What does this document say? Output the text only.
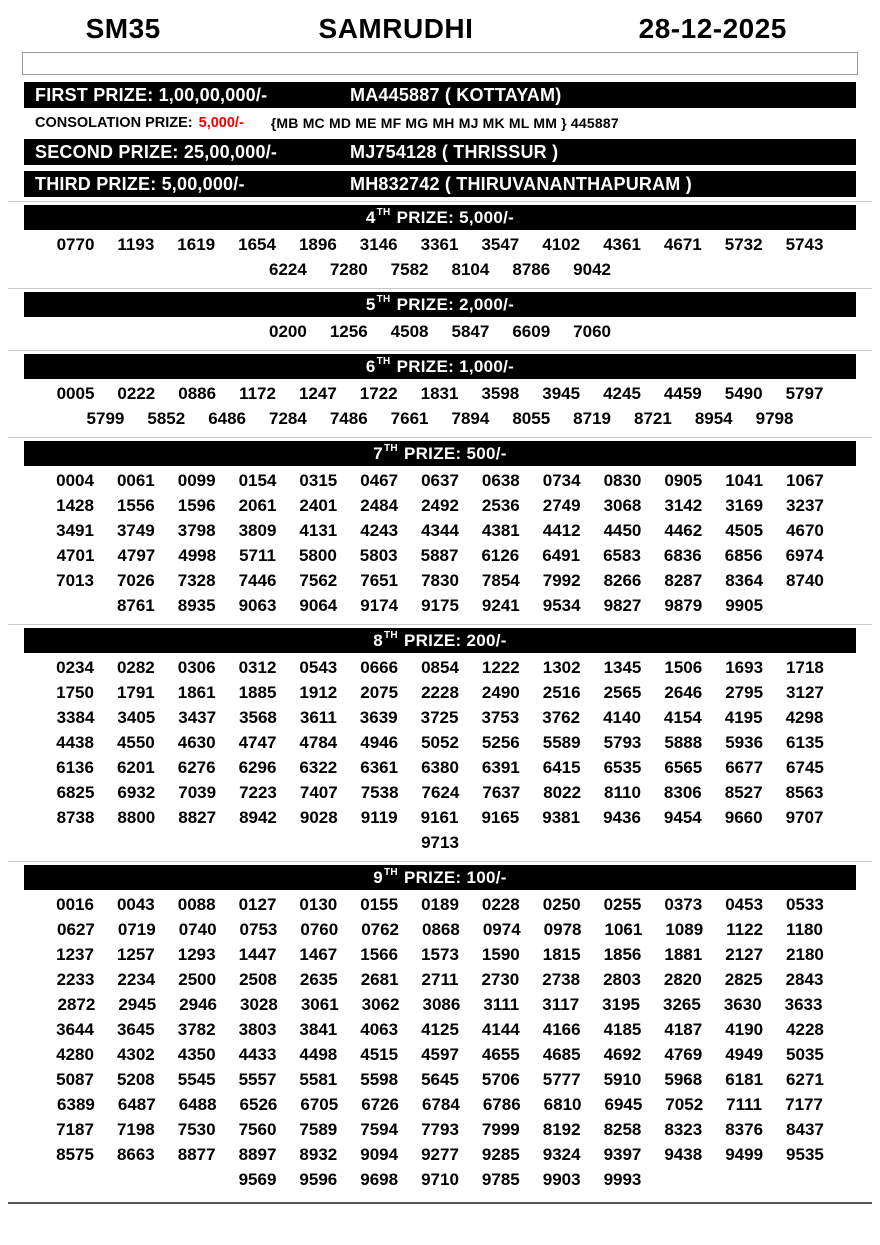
SM35	SAMRUDHI	28-12-2025
FIRST PRIZE: 1,00,00,000/-	MA445887 ( KOTTAYAM)
CONSOLATION PRIZE: 5,000/- {MB MC MD ME MF MG MH MJ MK ML MM } 445887
SECOND PRIZE: 25,00,000/-	MJ754128 ( THRISSUR )
THIRD PRIZE: 5,00,000/-	MH832742 ( THIRUVANANTHAPURAM )
4 TH PRIZE: 5,000/-
0770 1193 1619 1654 1896 3146 3361 3547 4102 4361 4671 5732 5743
6224 7280 7582 8104 8786 9042
5 TH PRIZE: 2,000/-
0200 1256 4508 5847 6609 7060
6 TH PRIZE: 1,000/-
0005 0222 0886 1172 1247 1722 1831 3598 3945 4245 4459 5490 5797
5799 5852 6486 7284 7486 7661 7894 8055 8719 8721 8954 9798
7 TH PRIZE: 500/-
0004 0061 0099 0154 0315 0467 0637 0638 0734 0830 0905 1041 1067
1428 1556 1596 2061 2401 2484 2492 2536 2749 3068 3142 3169 3237
3491 3749 3798 3809 4131 4243 4344 4381 4412 4450 4462 4505 4670
4701 4797 4998 5711 5800 5803 5887 6126 6491 6583 6836 6856 6974
7013 7026 7328 7446 7562 7651 7830 7854 7992 8266 8287 8364 8740
8761 8935 9063 9064 9174 9175 9241 9534 9827 9879 9905
8 TH PRIZE: 200/-
0234 0282 0306 0312 0543 0666 0854 1222 1302 1345 1506 1693 1718
1750 1791 1861 1885 1912 2075 2228 2490 2516 2565 2646 2795 3127
3384 3405 3437 3568 3611 3639 3725 3753 3762 4140 4154 4195 4298
4438 4550 4630 4747 4784 4946 5052 5256 5589 5793 5888 5936 6135
6136 6201 6276 6296 6322 6361 6380 6391 6415 6535 6565 6677 6745
6825 6932 7039 7223 7407 7538 7624 7637 8022 8110 8306 8527 8563
8738 8800 8827 8942 9028 9119 9161 9165 9381 9436 9454 9660 9707
9713
9 TH PRIZE: 100/-
0016 0043 0088 0127 0130 0155 0189 0228 0250 0255 0373 0453 0533
0627 0719 0740 0753 0760 0762 0868 0974 0978 1061 1089 1122 1180
1237 1257 1293 1447 1467 1566 1573 1590 1815 1856 1881 2127 2180
2233 2234 2500 2508 2635 2681 2711 2730 2738 2803 2820 2825 2843
2872 2945 2946 3028 3061 3062 3086 3111 3117 3195 3265 3630 3633
3644 3645 3782 3803 3841 4063 4125 4144 4166 4185 4187 4190 4228
4280 4302 4350 4433 4498 4515 4597 4655 4685 4692 4769 4949 5035
5087 5208 5545 5557 5581 5598 5645 5706 5777 5910 5968 6181 6271
6389 6487 6488 6526 6705 6726 6784 6786 6810 6945 7052 7111 7177
7187 7198 7530 7560 7589 7594 7793 7999 8192 8258 8323 8376 8437
8575 8663 8877 8897 8932 9094 9277 9285 9324 9397 9438 9499 9535
9569 9596 9698 9710 9785 9903 9993
